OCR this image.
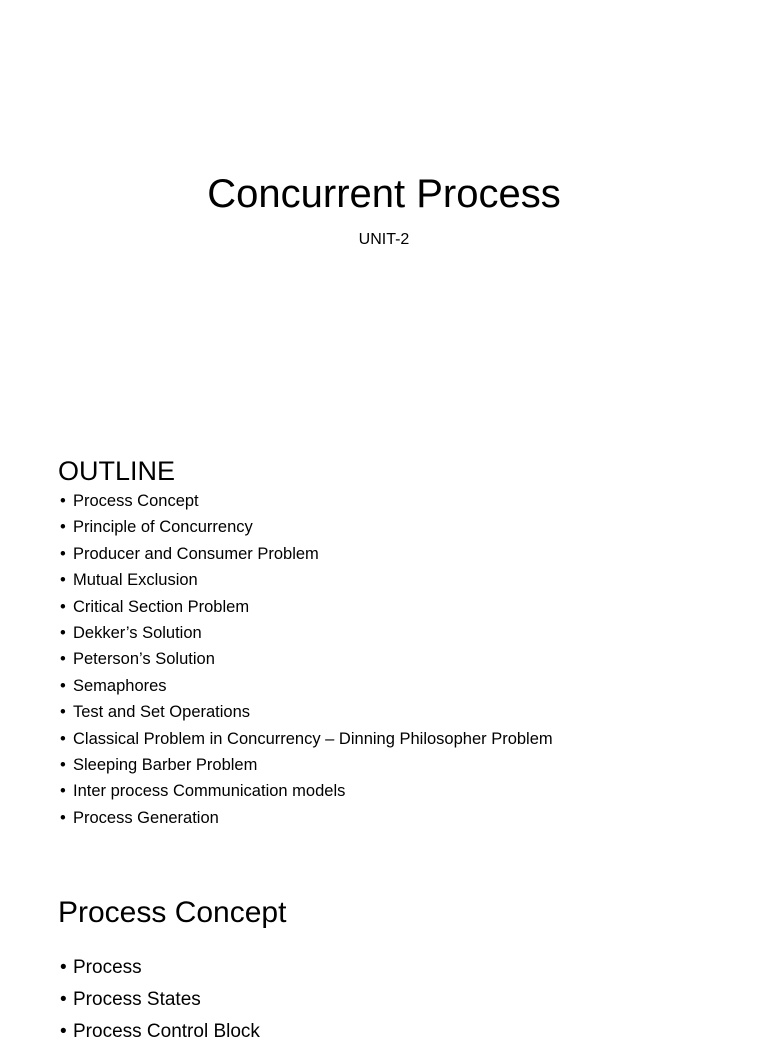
Concurrent Process

UNIT-2

OUTLINE
• Process Concept
• Principle of Concurrency
• Producer and Consumer Problem
• Mutual Exclusion
• Critical Section Problem
• Dekker’s Solution
• Peterson’s Solution
• Semaphores
• Test and Set Operations
• Classical Problem in Concurrency – Dinning Philosopher Problem
• Sleeping Barber Problem
• Inter process Communication models
• Process Generation
Process Concept
• Process
• Process States
• Process Control Block
